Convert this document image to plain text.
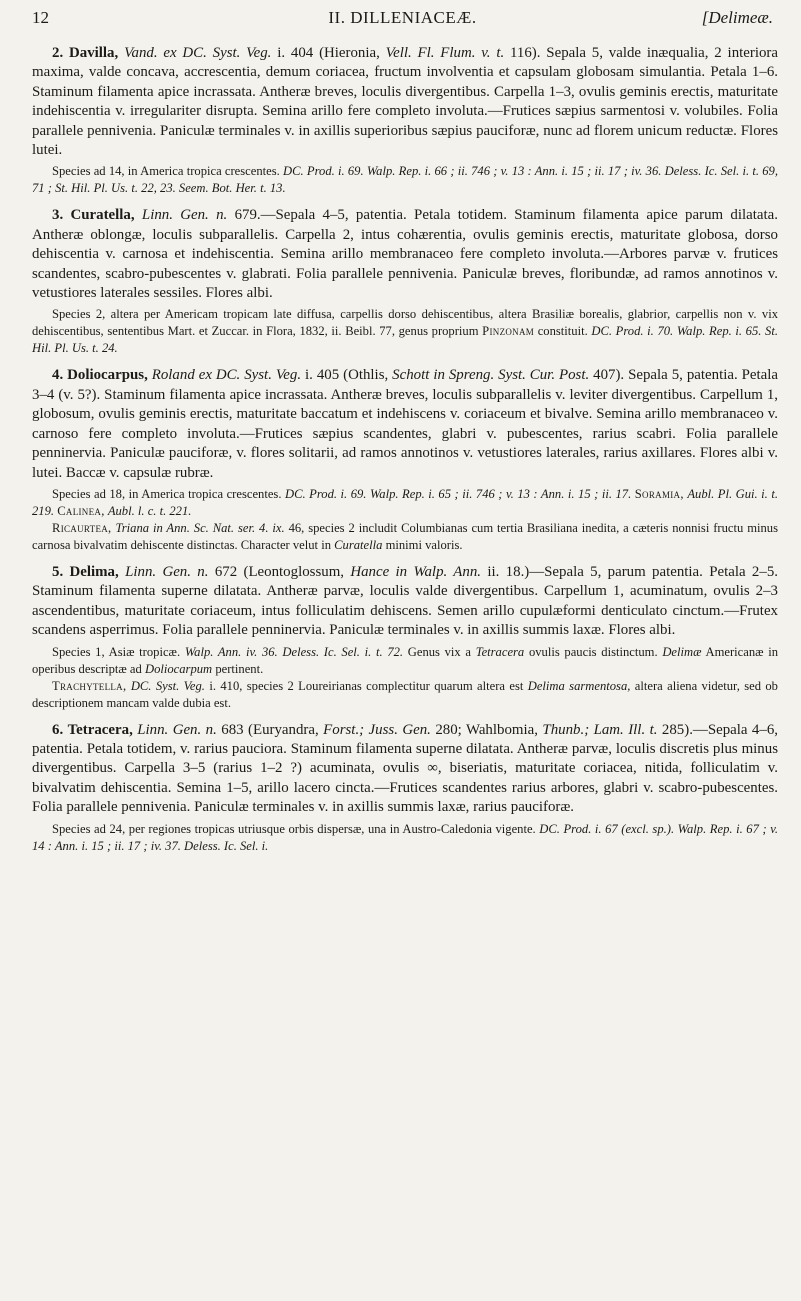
12	II. DILLENIACEÆ.	[Delimeæ.

2. Davilla, Vand. ex DC. Syst. Veg. i. 404 (Hieronia, Vell. Fl. Flum. v. t. 116). Sepala 5, valde inæqualia, 2 interiora maxima, valde concava, accrescentia, demum coriacea, fructum involventia et capsulam globosam simulantia. Petala 1–6. Staminum filamenta apice incrassata. Antheræ breves, loculis divergentibus. Carpella 1–3, ovulis geminis erectis, maturitate indehiscentia v. irregulariter disrupta. Semina arillo fere completo involuta.—Frutices sæpius sarmentosi v. volubiles. Folia parallele pennivenia. Paniculæ terminales v. in axillis superioribus sæpius pauciforæ, nunc ad florem unicum reductæ. Flores lutei.

Species ad 14, in America tropica crescentes. DC. Prod. i. 69. Walp. Rep. i. 66 ; ii. 746 ; v. 13 : Ann. i. 15 ; ii. 17 ; iv. 36. Deless. Ic. Sel. i. t. 69, 71 ; St. Hil. Pl. Us. t. 22, 23. Seem. Bot. Her. t. 13.

3. Curatella, Linn. Gen. n. 679.—Sepala 4–5, patentia. Petala totidem. Staminum filamenta apice parum dilatata. Antheræ oblongæ, loculis subparallelis. Carpella 2, intus cohærentia, ovulis geminis erectis, maturitate globosa, dorso dehiscentia v. carnosa et indehiscentia. Semina arillo membranaceo fere completo involuta.—Arbores parvæ v. frutices scandentes, scabro-pubescentes v. glabrati. Folia parallele pennivenia. Paniculæ breves, floribundæ, ad ramos annotinos v. vetustiores laterales sessiles. Flores albi.

Species 2, altera per Americam tropicam late diffusa, carpellis dorso dehiscentibus, altera Brasiliæ borealis, glabrior, carpellis non v. vix dehiscentibus, sententibus Mart. et Zuccar. in Flora, 1832, ii. Beibl. 77, genus proprium Pinzonam constituit. DC. Prod. i. 70. Walp. Rep. i. 65. St. Hil. Pl. Us. t. 24.

4. Doliocarpus, Roland ex DC. Syst. Veg. i. 405 (Othlis, Schott in Spreng. Syst. Cur. Post. 407). Sepala 5, patentia. Petala 3–4 (v. 5?). Staminum filamenta apice incrassata. Antheræ breves, loculis subparallelis v. leviter divergentibus. Carpellum 1, globosum, ovulis geminis erectis, maturitate baccatum et indehiscens v. coriaceum et bivalve. Semina arillo membranaceo v. carnoso fere completo involuta.—Frutices sæpius scandentes, glabri v. pubescentes, rarius scabri. Folia parallele penninervia. Paniculæ pauciforæ, v. flores solitarii, ad ramos annotinos v. vetustiores laterales, rarius axillares. Flores albi v. lutei. Baccæ v. capsulæ rubræ.

Species ad 18, in America tropica crescentes. DC. Prod. i. 69. Walp. Rep. i. 65 ; ii. 746 ; v. 13 : Ann. i. 15 ; ii. 17. Soramia, Aubl. Pl. Gui. i. t. 219. Calinea, Aubl. l. c. t. 221.

Ricaurtea, Triana in Ann. Sc. Nat. ser. 4. ix. 46, species 2 includit Columbianas cum tertia Brasiliana inedita, a cæteris nonnisi fructu minus carnosa bivalvatim dehiscente distinctas. Character velut in Curatella minimi valoris.

5. Delima, Linn. Gen. n. 672 (Leontoglossum, Hance in Walp. Ann. ii. 18.)—Sepala 5, parum patentia. Petala 2–5. Staminum filamenta superne dilatata. Antheræ parvæ, loculis valde divergentibus. Carpellum 1, acuminatum, ovulis 2–3 ascendentibus, maturitate coriaceum, intus folliculatim dehiscens. Semen arillo cupulæformi denticulato cinctum.—Frutex scandens asperrimus. Folia parallele penninervia. Paniculæ terminales v. in axillis summis laxæ. Flores albi.

Species 1, Asiæ tropicæ. Walp. Ann. iv. 36. Deless. Ic. Sel. i. t. 72. Genus vix a Tetracera ovulis paucis distinctum. Delimæ Americanæ in operibus descriptæ ad Doliocarpum pertinent.

Trachytella, DC. Syst. Veg. i. 410, species 2 Loureirianas complectitur quarum altera est Delima sarmentosa, altera aliena videtur, sed ob descriptionem mancam valde dubia est.

6. Tetracera, Linn. Gen. n. 683 (Euryandra, Forst.; Juss. Gen. 280; Wahlbomia, Thunb.; Lam. Ill. t. 285).—Sepala 4–6, patentia. Petala totidem, v. rarius pauciora. Staminum filamenta superne dilatata. Antheræ parvæ, loculis discretis plus minus divergentibus. Carpella 3–5 (rarius 1–2 ?) acuminata, ovulis ∞, biseriatis, maturitate coriacea, nitida, folliculatim v. bivalvatim dehiscentia. Semina 1–5, arillo lacero cincta.—Frutices scandentes rarius arbores, glabri v. scabro-pubescentes. Folia parallele pennivenia. Paniculæ terminales v. in axillis summis laxæ, rarius pauciforæ.

Species ad 24, per regiones tropicas utriusque orbis dispersæ, una in Austro-Caledonia vigente. DC. Prod. i. 67 (excl. sp.). Walp. Rep. i. 67 ; v. 14 : Ann. i. 15 ; ii. 17 ; iv. 37. Deless. Ic. Sel. i.
